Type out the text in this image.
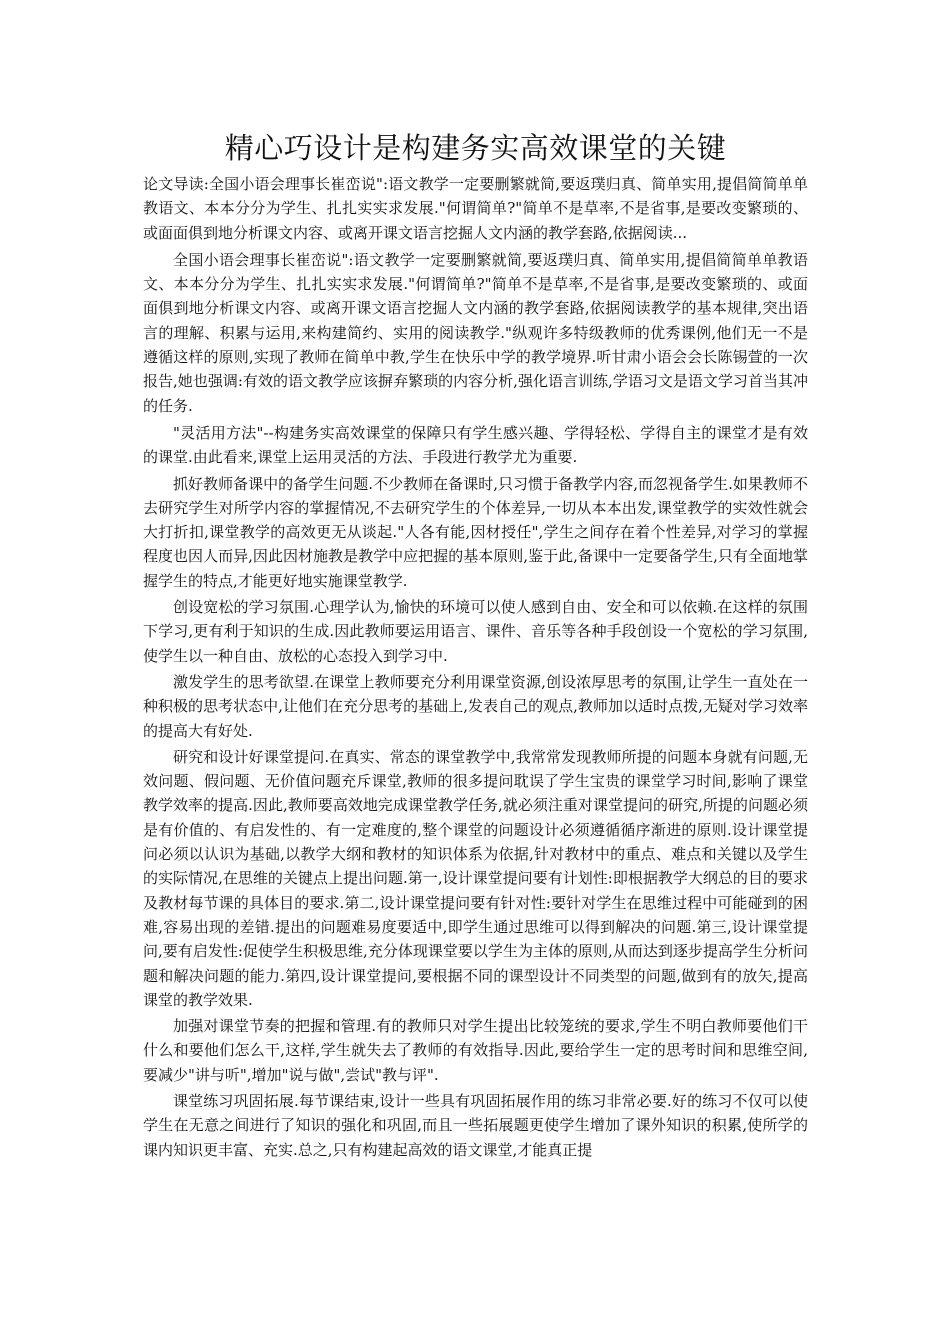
精心巧设计是构建务实高效课堂的关键

论文导读:全国小语会理事长崔峦说":语文教学一定要删繁就简,要返璞归真、简单实用,提倡简简单单教语文、本本分分为学生、扎扎实实求发展."何谓简单?"简单不是草率,不是省事,是要改变繁琐的、或面面俱到地分析课文内容、或离开课文语言挖掘人文内涵的教学套路,依据阅读...

全国小语会理事长崔峦说":语文教学一定要删繁就简,要返璞归真、简单实用,提倡简简单单教语文、本本分分为学生、扎扎实实求发展."何谓简单?"简单不是草率,不是省事,是要改变繁琐的、或面面俱到地分析课文内容、或离开课文语言挖掘人文内涵的教学套路,依据阅读教学的基本规律,突出语言的理解、积累与运用,来构建简约、实用的阅读教学."纵观许多特级教师的优秀课例,他们无一不是遵循这样的原则,实现了教师在简单中教,学生在快乐中学的教学境界.听甘肃小语会会长陈锡萱的一次报告,她也强调:有效的语文教学应该摒弃繁琐的内容分析,强化语言训练,学语习文是语文学习首当其冲的任务.

"灵活用方法"--构建务实高效课堂的保障只有学生感兴趣、学得轻松、学得自主的课堂才是有效的课堂.由此看来,课堂上运用灵活的方法、手段进行教学尤为重要.

抓好教师备课中的备学生问题.不少教师在备课时,只习惯于备教学内容,而忽视备学生.如果教师不去研究学生对所学内容的掌握情况,不去研究学生的个体差异,一切从本本出发,课堂教学的实效性就会大打折扣,课堂教学的高效更无从谈起."人各有能,因材授任",学生之间存在着个性差异,对学习的掌握程度也因人而异,因此因材施教是教学中应把握的基本原则,鉴于此,备课中一定要备学生,只有全面地掌握学生的特点,才能更好地实施课堂教学.

创设宽松的学习氛围.心理学认为,愉快的环境可以使人感到自由、安全和可以依赖.在这样的氛围下学习,更有利于知识的生成.因此教师要运用语言、课件、音乐等各种手段创设一个宽松的学习氛围,使学生以一种自由、放松的心态投入到学习中.

激发学生的思考欲望.在课堂上教师要充分利用课堂资源,创设浓厚思考的氛围,让学生一直处在一种积极的思考状态中,让他们在充分思考的基础上,发表自己的观点,教师加以适时点拨,无疑对学习效率的提高大有好处.

研究和设计好课堂提问.在真实、常态的课堂教学中,我常常发现教师所提的问题本身就有问题,无效问题、假问题、无价值问题充斥课堂,教师的很多提问耽误了学生宝贵的课堂学习时间,影响了课堂教学效率的提高.因此,教师要高效地完成课堂教学任务,就必须注重对课堂提问的研究,所提的问题必须是有价值的、有启发性的、有一定难度的,整个课堂的问题设计必须遵循循序渐进的原则.设计课堂提问必须以认识为基础,以教学大纲和教材的知识体系为依据,针对教材中的重点、难点和关键以及学生的实际情况,在思维的关键点上提出问题.第一,设计课堂提问要有计划性:即根据教学大纲总的目的要求及教材每节课的具体目的要求.第二,设计课堂提问要有针对性:要针对学生在思维过程中可能碰到的困难,容易出现的差错.提出的问题难易度要适中,即学生通过思维可以得到解决的问题.第三,设计课堂提问,要有启发性:促使学生积极思维,充分体现课堂要以学生为主体的原则,从而达到逐步提高学生分析问题和解决问题的能力.第四,设计课堂提问,要根据不同的课型设计不同类型的问题,做到有的放矢,提高课堂的教学效果.

加强对课堂节奏的把握和管理.有的教师只对学生提出比较笼统的要求,学生不明白教师要他们干什么和要他们怎么干,这样,学生就失去了教师的有效指导.因此,要给学生一定的思考时间和思维空间,要减少"讲与听",增加"说与做",尝试"教与评".

课堂练习巩固拓展.每节课结束,设计一些具有巩固拓展作用的练习非常必要.好的练习不仅可以使学生在无意之间进行了知识的强化和巩固,而且一些拓展题更使学生增加了课外知识的积累,使所学的课内知识更丰富、充实.总之,只有构建起高效的语文课堂,才能真正提
